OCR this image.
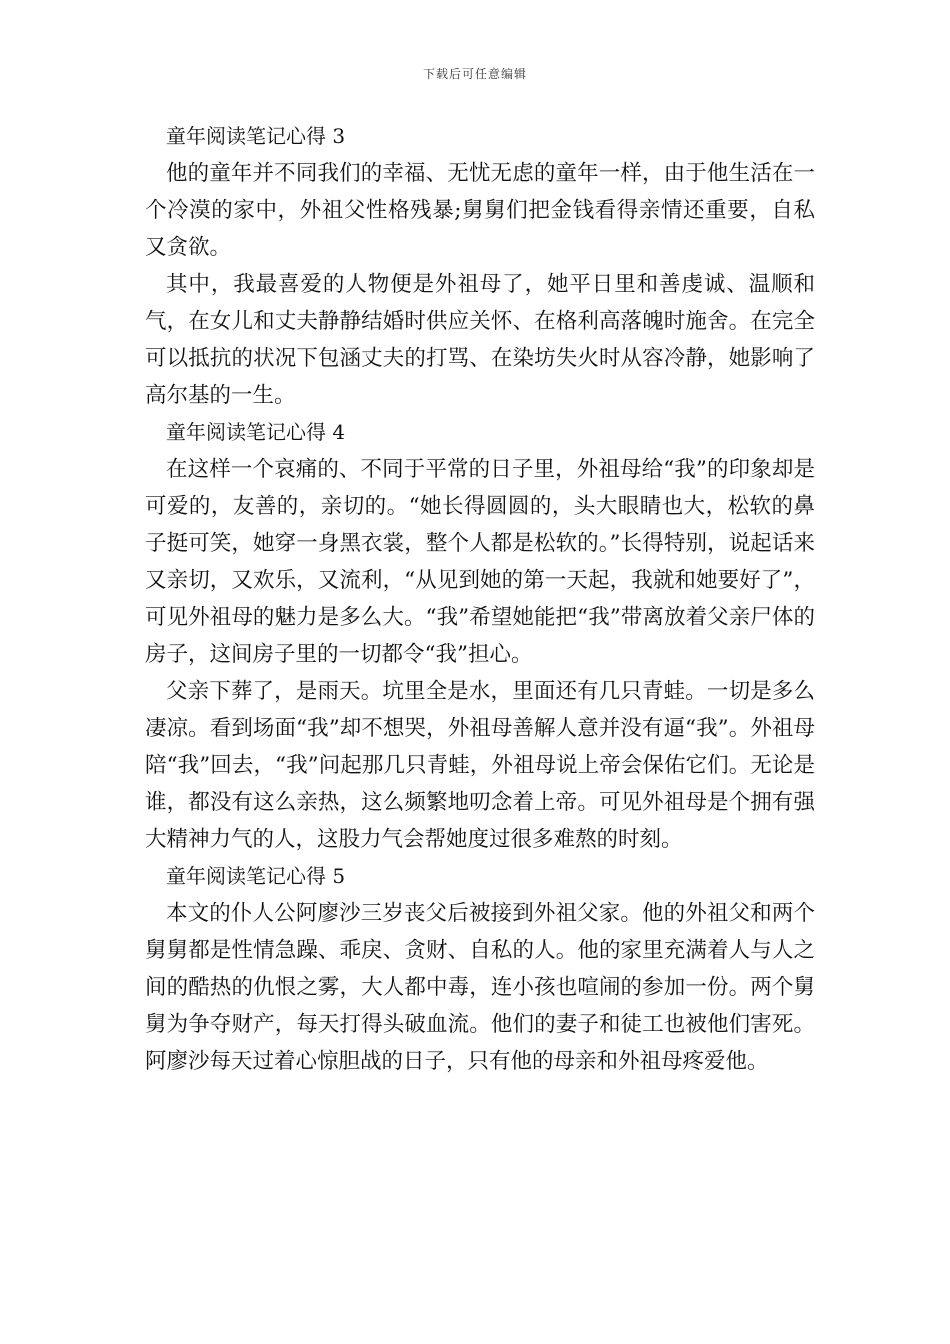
下载后可任意编辑

童年阅读笔记心得 3

他的童年并不同我们的幸福、无忧无虑的童年一样，由于他生活在一个冷漠的家中，外祖父性格残暴;舅舅们把金钱看得亲情还重要，自私又贪欲。

其中，我最喜爱的人物便是外祖母了，她平日里和善虔诚、温顺和气，在女儿和丈夫静静结婚时供应关怀、在格利高落魄时施舍。在完全可以抵抗的状况下包涵丈夫的打骂、在染坊失火时从容冷静，她影响了高尔基的一生。

童年阅读笔记心得 4

在这样一个哀痛的、不同于平常的日子里，外祖母给“我”的印象却是可爱的，友善的，亲切的。“她长得圆圆的，头大眼睛也大，松软的鼻子挺可笑，她穿一身黑衣裳，整个人都是松软的。”长得特别，说起话来又亲切，又欢乐，又流利，“从见到她的第一天起，我就和她要好了”，可见外祖母的魅力是多么大。“我”希望她能把“我”带离放着父亲尸体的房子，这间房子里的一切都令“我”担心。

父亲下葬了，是雨天。坑里全是水，里面还有几只青蛙。一切是多么凄凉。看到场面“我”却不想哭，外祖母善解人意并没有逼“我”。外祖母陪“我”回去，“我”问起那几只青蛙，外祖母说上帝会保佑它们。无论是谁，都没有这么亲热，这么频繁地叨念着上帝。可见外祖母是个拥有强大精神力气的人，这股力气会帮她度过很多难熬的时刻。

童年阅读笔记心得 5

本文的仆人公阿廖沙三岁丧父后被接到外祖父家。他的外祖父和两个舅舅都是性情急躁、乖戾、贪财、自私的人。他的家里充满着人与人之间的酷热的仇恨之雾，大人都中毒，连小孩也喧闹的参加一份。两个舅舅为争夺财产，每天打得头破血流。他们的妻子和徒工也被他们害死。阿廖沙每天过着心惊胆战的日子，只有他的母亲和外祖母疼爱他。
